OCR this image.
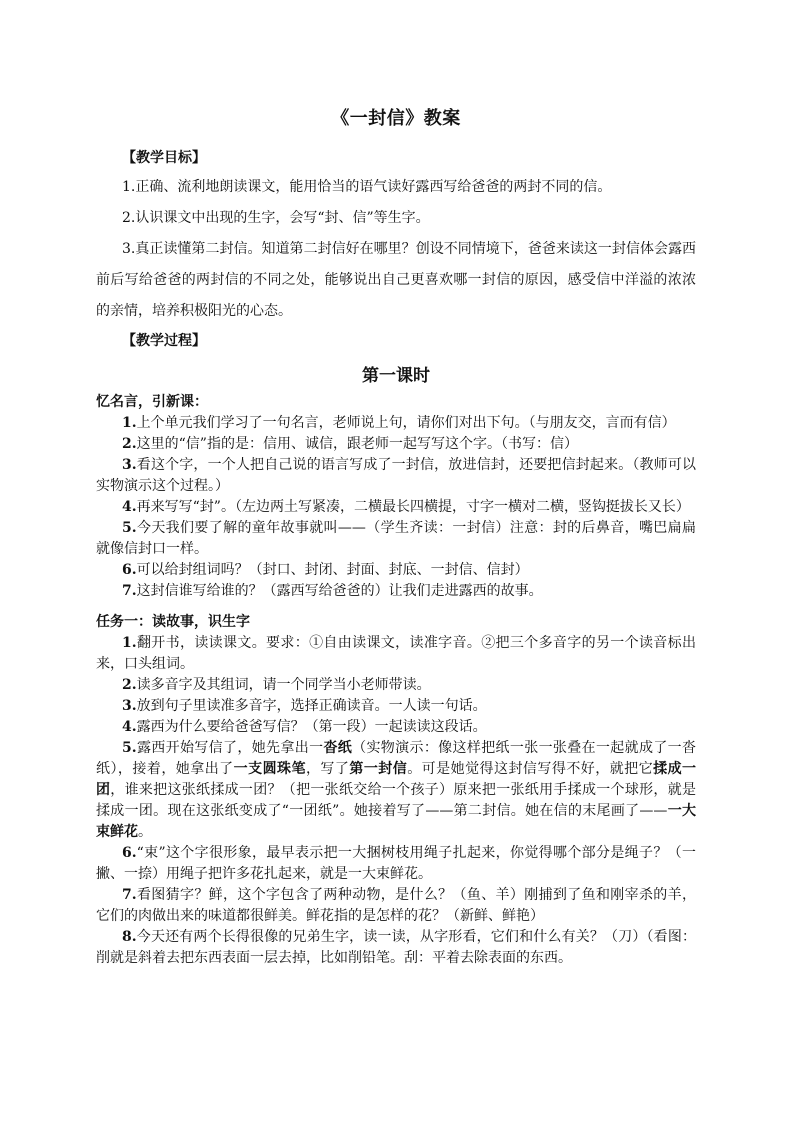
《一封信》教案

【教学目标】

1.正确、流利地朗读课文，能用恰当的语气读好露西写给爸爸的两封不同的信。

2.认识课文中出现的生字，会写“封、信”等生字。

3.真正读懂第二封信。知道第二封信好在哪里？创设不同情境下，爸爸来读这一封信体会露西前后写给爸爸的两封信的不同之处，能够说出自己更喜欢哪一封信的原因，感受信中洋溢的浓浓的亲情，培养积极阳光的心态。

【教学过程】

第一课时

忆名言，引新课：

1.上个单元我们学习了一句名言，老师说上句，请你们对出下句。（与朋友交，言而有信）

2.这里的“信”指的是：信用、诚信，跟老师一起写写这个字。（书写：信）

3.看这个字，一个人把自己说的语言写成了一封信，放进信封，还要把信封起来。（教师可以实物演示这个过程。）

4.再来写写“封”。（左边两土写紧凑，二横最长四横提，寸字一横对二横，竖钩挺拔长又长）

5.今天我们要了解的童年故事就叫——（学生齐读：一封信）注意：封的后鼻音，嘴巴扁扁就像信封口一样。

6.可以给封组词吗？（封口、封闭、封面、封底、一封信、信封）

7.这封信谁写给谁的？（露西写给爸爸的）让我们走进露西的故事。

任务一：读故事，识生字

1.翻开书，读读课文。要求：①自由读课文，读准字音。②把三个多音字的另一个读音标出来，口头组词。

2.读多音字及其组词，请一个同学当小老师带读。

3.放到句子里读准多音字，选择正确读音。一人读一句话。

4.露西为什么要给爸爸写信？（第一段）一起读读这段话。

5.露西开始写信了，她先拿出一沓纸（实物演示：像这样把纸一张一张叠在一起就成了一沓纸），接着，她拿出了一支圆珠笔，写了第一封信。可是她觉得这封信写得不好，就把它揉成一团，谁来把这张纸揉成一团？（把一张纸交给一个孩子）原来把一张纸用手揉成一个球形，就是揉成一团。现在这张纸变成了“一团纸”。她接着写了——第二封信。她在信的末尾画了——一大束鲜花。

6.“束”这个字很形象，最早表示把一大捆树枝用绳子扎起来，你觉得哪个部分是绳子？（一撇、一捺）用绳子把许多花扎起来，就是一大束鲜花。

7.看图猜字？鲜，这个字包含了两种动物，是什么？（鱼、羊）刚捕到了鱼和刚宰杀的羊，它们的肉做出来的味道都很鲜美。鲜花指的是怎样的花？（新鲜、鲜艳）

8.今天还有两个长得很像的兄弟生字，读一读，从字形看，它们和什么有关？（刀）（看图：削就是斜着去把东西表面一层去掉，比如削铅笔。刮：平着去除表面的东西。
